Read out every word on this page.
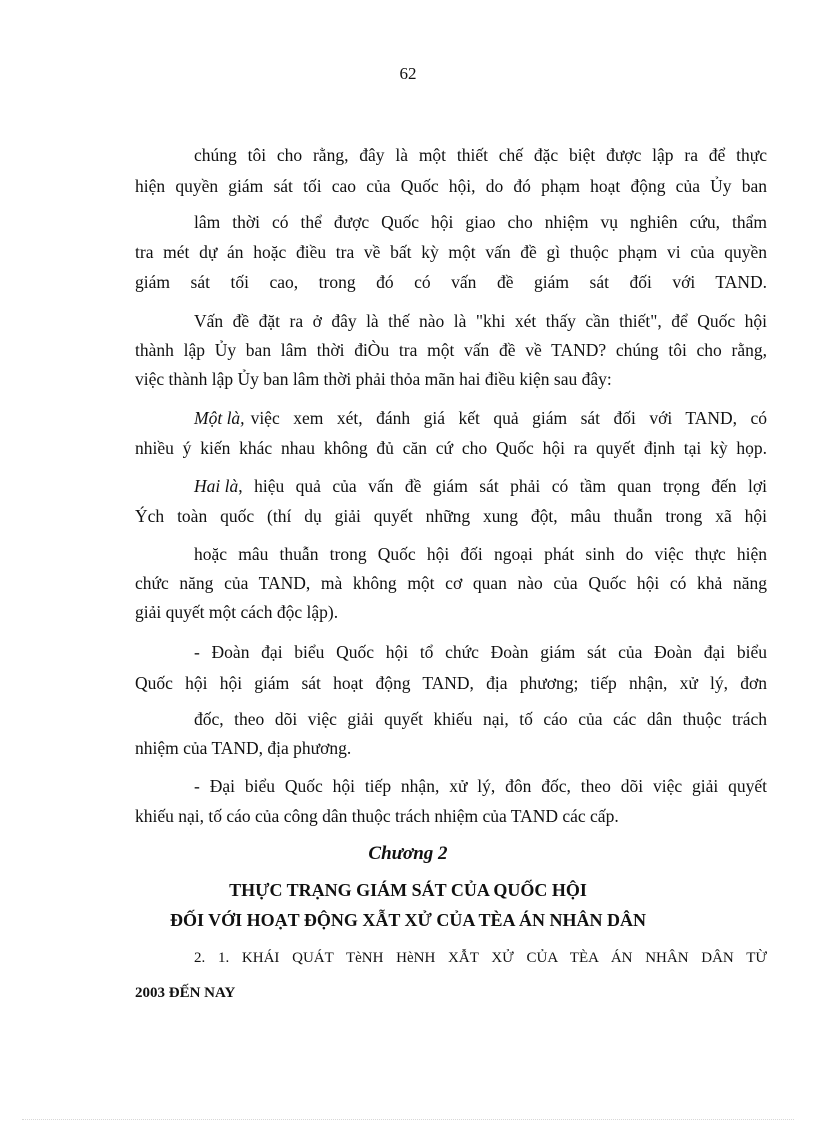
62
chúng tôi cho rằng, đây là một thiết chế đặc biệt được lập ra để thực
hiện quyền giám sát tối cao của Quốc hội, do đó phạm hoạt động của Ủy ban
lâm thời có thể được Quốc hội giao cho nhiệm vụ nghiên cứu, thẩm
tra mét dự án hoặc điều tra về bất kỳ một vấn đề gì thuộc phạm vi của quyền
giám sát tối cao, trong đó có vấn đề giám sát đối với TAND.
Vấn đề đặt ra ở đây là thế nào là "khi xét thấy cần thiết", để Quốc hội
thành lập Ủy ban lâm thời điÒu tra một vấn đề về TAND? chúng tôi cho rằng,
việc thành lập Ủy ban lâm thời phải thỏa mãn hai điều kiện sau đây:
Một là, việc xem xét, đánh giá kết quả giám sát đối với TAND, có
nhiều ý kiến khác nhau không đủ căn cứ cho Quốc hội ra quyết định tại kỳ họp.
Hai là , hiệu quả của vấn đề giám sát phải có tầm quan trọng đến lợi
Ých toàn quốc (thí dụ giải quyết những xung đột, mâu thuẫn trong xã hội
hoặc mâu thuẫn trong Quốc hội đối ngoại phát sinh do việc thực hiện
chức năng của TAND, mà không một cơ quan nào của Quốc hội có khả năng
giải quyết một cách độc lập).
- Đoàn đại biểu Quốc hội tổ chức Đoàn giám sát của Đoàn đại biểu
Quốc hội hội giám sát hoạt động TAND, địa phương; tiếp nhận, xử lý, đơn
đốc, theo dõi việc giải quyết khiếu nại, tố cáo của các dân thuộc trách
nhiệm của TAND, địa phương.
- Đại biểu Quốc hội tiếp nhận, xử lý, đôn đốc, theo dõi việc giải quyết
khiếu nại, tố cáo của công dân thuộc trách nhiệm của TAND các cấp.
Chương 2
THỰC TRẠNG GIÁM SÁT CỦA QUỐC HỘI
ĐỐI VỚI HOẠT ĐỘNG XẪT XỬ CỦA TÈA ÁN NHÂN DÂN
2. 1. KHÁI QUÁT TèNH HèNH XẪT XỬ CỦA TÈA ÁN NHÂN DÂN TỪ
2003 ĐẾN NAY
